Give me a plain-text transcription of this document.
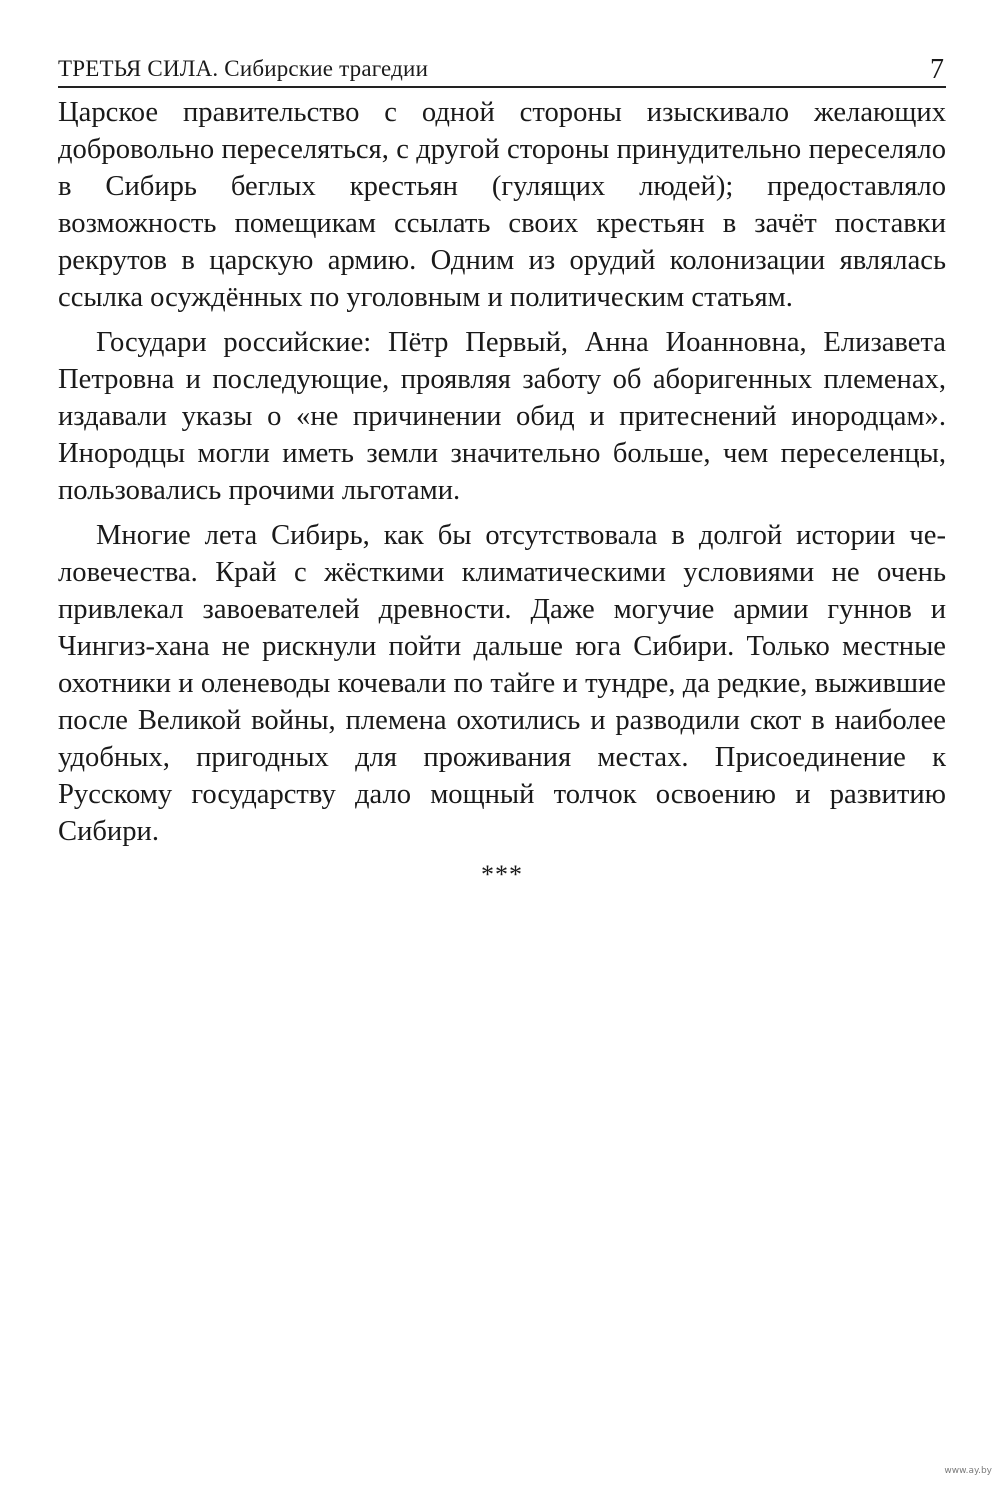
ТРЕТЬЯ СИЛА. Сибирские трагедии	7

Царское правительство с одной стороны изыскивало желающих добровольно переселяться, с другой стороны принудительно переселяло в Сибирь беглых крестьян (гулящих людей); предоставляло возможность помещикам ссылать своих крестьян в зачёт поставки рекрутов в царскую армию. Одним из орудий колонизации являлась ссылка осуждённых по уголовным и политическим статьям.

Государи российские: Пётр Первый, Анна Иоанновна, Елизавета Петровна и последующие, проявляя заботу об аборигенных племенах, издавали указы о «не причинении обид и притеснений инородцам». Инородцы могли иметь земли значительно больше, чем переселенцы, пользовались прочими льготами.

Многие лета Сибирь, как бы отсутствовала в долгой истории человечества. Край с жёсткими климатическими условиями не очень привлекал завоевателей древности. Даже могучие армии гуннов и Чингиз-хана не рискнули пойти дальше юга Сибири. Только местные охотники и оленеводы кочевали по тайге и тундре, да редкие, выжившие после Великой войны, племена охотились и разводили скот в наиболее удобных, пригодных для проживания местах. Присоединение к Русскому государству дало мощный толчок освоению и развитию Сибири.

***
www.ay.by
